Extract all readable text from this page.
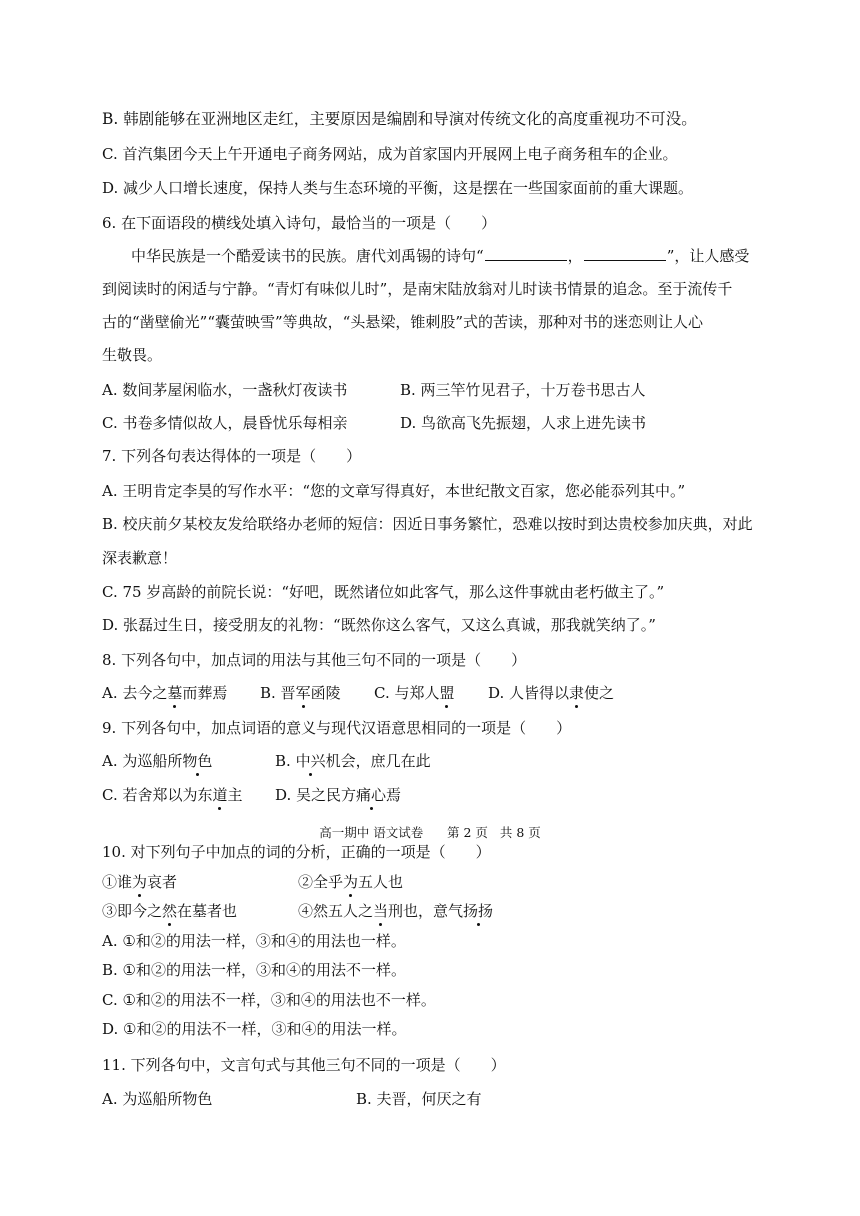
B. 韩剧能够在亚洲地区走红，主要原因是编剧和导演对传统文化的高度重视功不可没。
C. 首汽集团今天上午开通电子商务网站，成为首家国内开展网上电子商务租车的企业。
D. 减少人口增长速度，保持人类与生态环境的平衡，这是摆在一些国家面前的重大课题。
6. 在下面语段的横线处填入诗句，最恰当的一项是（　　）
中华民族是一个酷爱读书的民族。唐代刘禹锡的诗句“	，	”，让人感受
到阅读时的闲适与宁静。“青灯有味似儿时”，是南宋陆放翁对儿时读书情景的追念。至于流传千
古的“凿壁偷光”“囊萤映雪”等典故，“头悬梁，锥刺股”式的苦读，那种对书的迷恋则让人心
生敬畏。
A. 数间茅屋闲临水，一盏秋灯夜读书	B. 两三竿竹见君子，十万卷书思古人
C. 书卷多情似故人，晨昏忧乐每相亲	D. 鸟欲高飞先振翅，人求上进先读书
7. 下列各句表达得体的一项是（　　）
A. 王明肯定李昊的写作水平：“您的文章写得真好，本世纪散文百家，您必能忝列其中。”
B. 校庆前夕某校友发给联络办老师的短信：因近日事务繁忙，恐难以按时到达贵校参加庆典，对此
深表歉意！
C. 75 岁高龄的前院长说：“好吧，既然诸位如此客气，那么这件事就由老朽做主了。”
D. 张磊过生日，接受朋友的礼物：“既然你这么客气，又这么真诚，那我就笑纳了。”
8. 下列各句中，加点词的用法与其他三句不同的一项是（　　）
A. 去今之墓而葬焉 B. 晋军函陵 C. 与郑人盟 D. 人皆得以隶使之
9. 下列各句中，加点词语的意义与现代汉语意思相同的一项是（　　）
A. 为巡船所物色	B. 中兴机会，庶几在此
C. 若舍郑以为东道主 D. 吴之民方痛心焉
高一期中 语文试卷      第 2 页   共 8 页
10. 对下列句子中加点的词的分析，正确的一项是（　　）
①谁为哀者	②全乎为五人也
③即今之然在墓者也	④然五人之当刑也，意气扬扬
A. ①和②的用法一样，③和④的用法也一样。
B. ①和②的用法一样，③和④的用法不一样。
C. ①和②的用法不一样，③和④的用法也不一样。
D. ①和②的用法不一样，③和④的用法一样。
11. 下列各句中，文言句式与其他三句不同的一项是（　　）
A. 为巡船所物色	B. 夫晋，何厌之有
